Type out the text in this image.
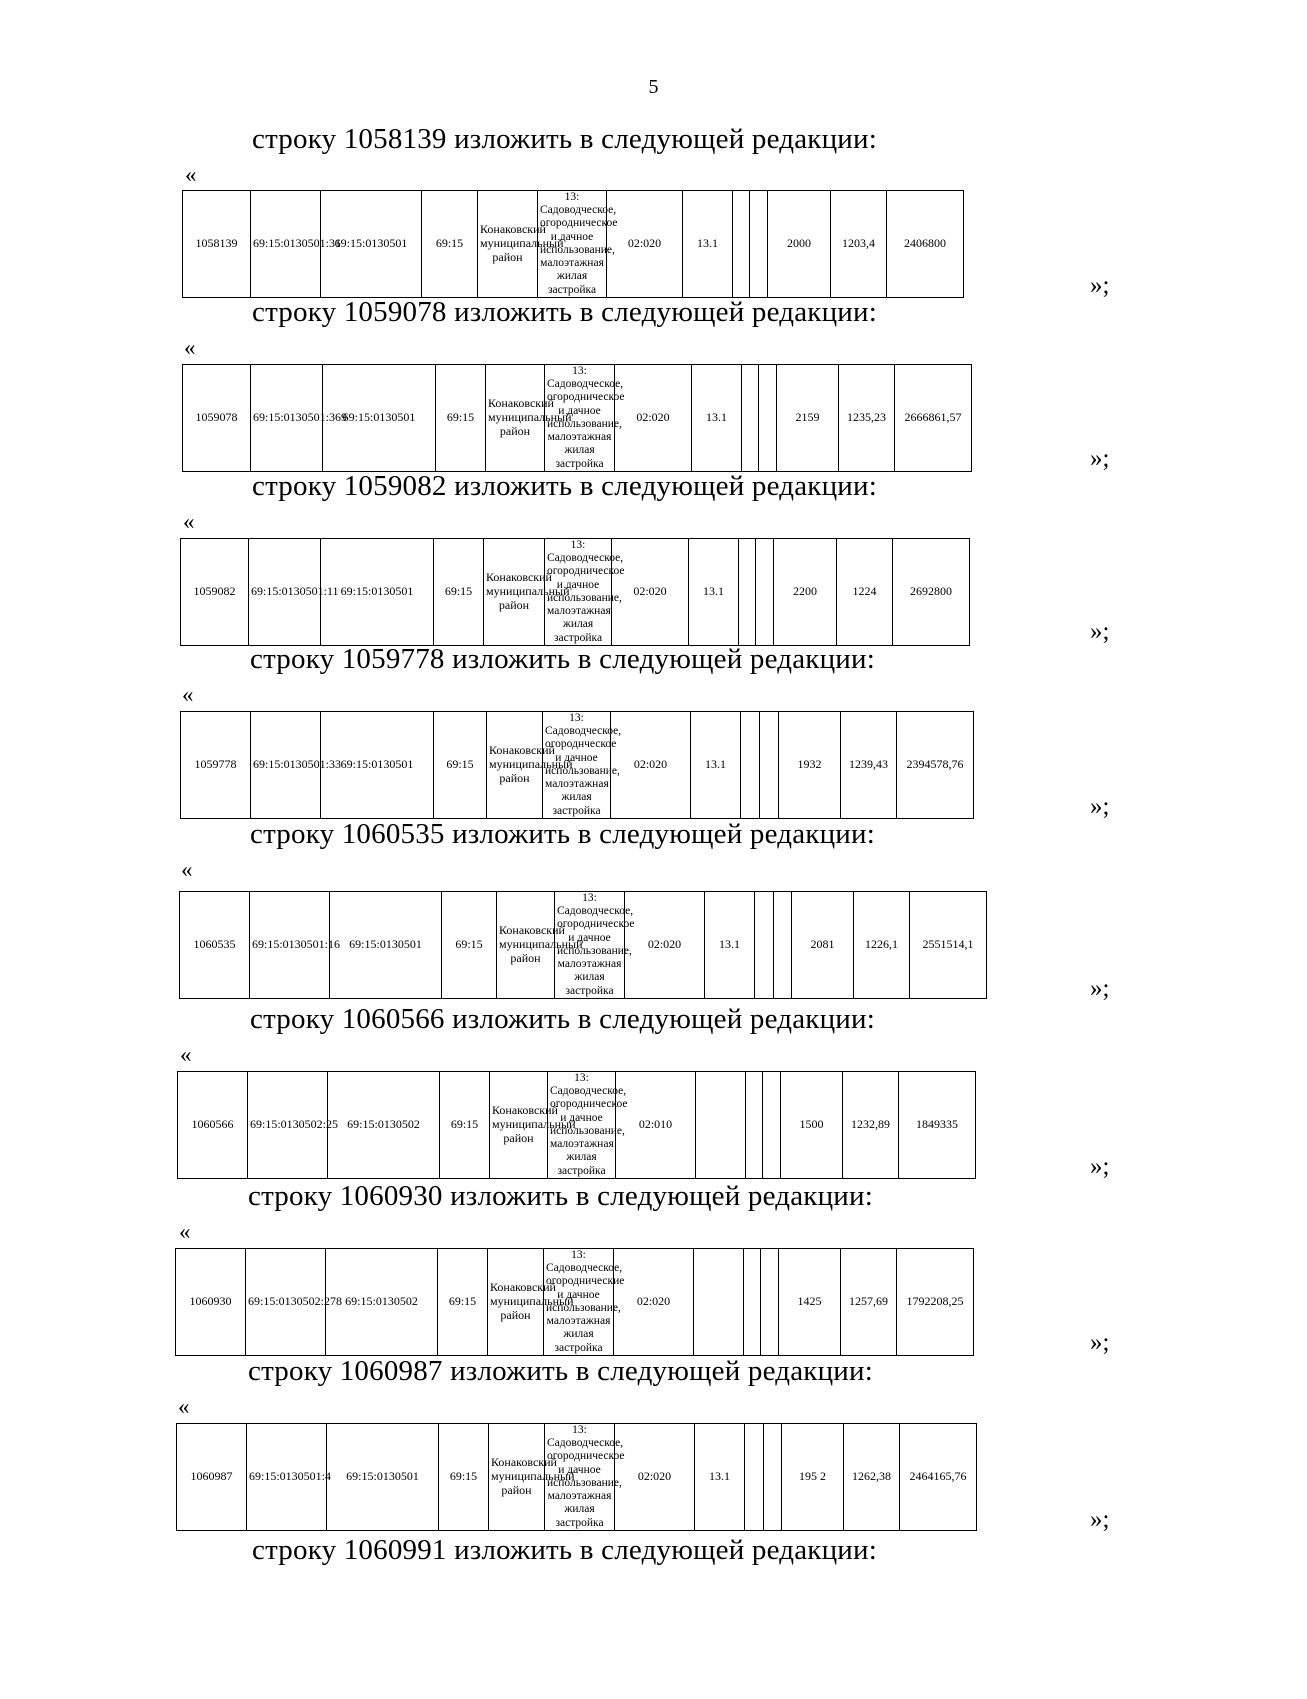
5
строку 1058139 изложить в следующей редакции:
«
1058139	69:15:0130501:31	69:15:0130501	69:15	Конаковский муниципальный район	13: Садоводческое, огородническое и дачное использование, малоэтажная жилая застройка	02:020	13.1			2000	1203,4	2406800
»;
строку 1059078 изложить в следующей редакции:
«
1059078	69:15:0130501:369	69:15:0130501	69:15	Конаковский муниципальный район	13: Садоводческое, огородническое и дачное использование, малоэтажная жилая застройка	02:020	13.1			2159	1235,23	2666861,57
»;
строку 1059082 изложить в следующей редакции:
«
1059082	69:15:0130501:11	69:15:0130501	69:15	Конаковский муниципальный район	13: Садоводческое, огородническое и дачное использование, малоэтажная жилая застройка	02:020	13.1			2200	1224	2692800
»;
строку 1059778 изложить в следующей редакции:
«
1059778	69:15:0130501:33	69:15:0130501	69:15	Конаковский муниципальный район	13: Садоводческое, огороднческое и дачное использование, малоэтажная жилая застройка	02:020	13.1			1932	1239,43	2394578,76
»;
строку 1060535 изложить в следующей редакции:
«
1060535	69:15:0130501:16	69:15:0130501	69:15	Конаковский муниципальный район	13: Садоводческое, огородническое и дачное использование, малоэтажная жилая застройка	02:020	13.1			2081	1226,1	2551514,1
»;
строку 1060566 изложить в следующей редакции:
«
1060566	69:15:0130502:25	69:15:0130502	69:15	Конаковский муниципальный район	13: Садоводческое, огородническое и дачное использование, малоэтажная жилая застройка	02:010				1500	1232,89	1849335
»;
строку 1060930 изложить в следующей редакции:
«
1060930	69:15:0130502:278	69:15:0130502	69:15	Конаковский муниципальный район	13: Садоводческое, огороднические и дачное использование, малоэтажная жилая застройка	02:020				1425	1257,69	1792208,25
»;
строку 1060987 изложить в следующей редакции:
«
1060987	69:15:0130501:4	69:15:0130501	69:15	Конаковский муниципальный район	13: Садоводческое, огородническое и дачное использование, малоэтажная жилая застройка	02:020	13.1			195 2	1262,38	2464165,76
»;
строку 1060991 изложить в следующей редакции:
